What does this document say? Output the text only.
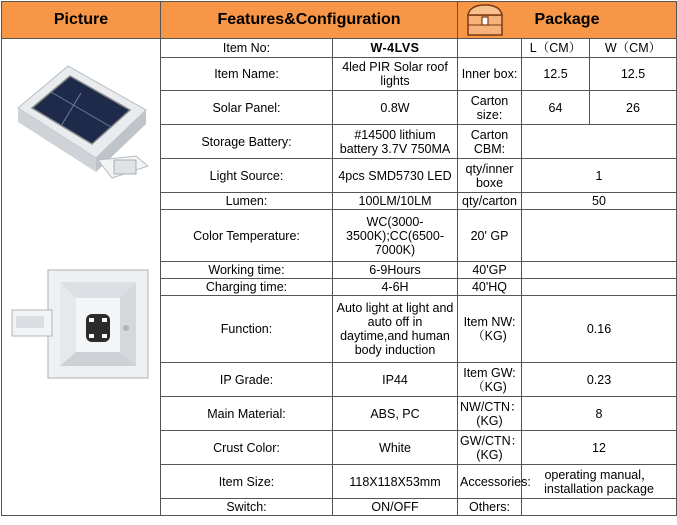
Picture	Features&Configuration		Package		
	Item No:	W-4LVS		L（CM）	W（CM）
	Item Name:	4led PIR Solar roof lights	Inner box:	12.5	12.5
	Solar Panel:	0.8W	Carton size:	64	26
	Storage Battery:	#14500 lithium battery 3.7V 750MA	Carton CBM:		
	Light Source:	4pcs SMD5730 LED	qty/inner boxe	1	
	Lumen:	100LM/10LM	qty/carton	50	
	Color Temperature:	WC(3000-3500K);CC(6500-7000K)	20' GP		
	Working time:	6-9Hours	40'GP		
	Charging time:	4-6H	40'HQ		
	Function:	Auto light at light and auto off in daytime,and human body induction	Item NW:（KG)	0.16	
	IP Grade:	IP44	Item GW:（KG)	0.23	
	Main Material:	ABS, PC	NW/CTN：(KG)	8	
	Crust Color:	White	GW/CTN：(KG)	12	
	Item Size:	118X118X53mm	Accessories:	operating manual，installation package	
	Switch:	ON/OFF	Others:		
